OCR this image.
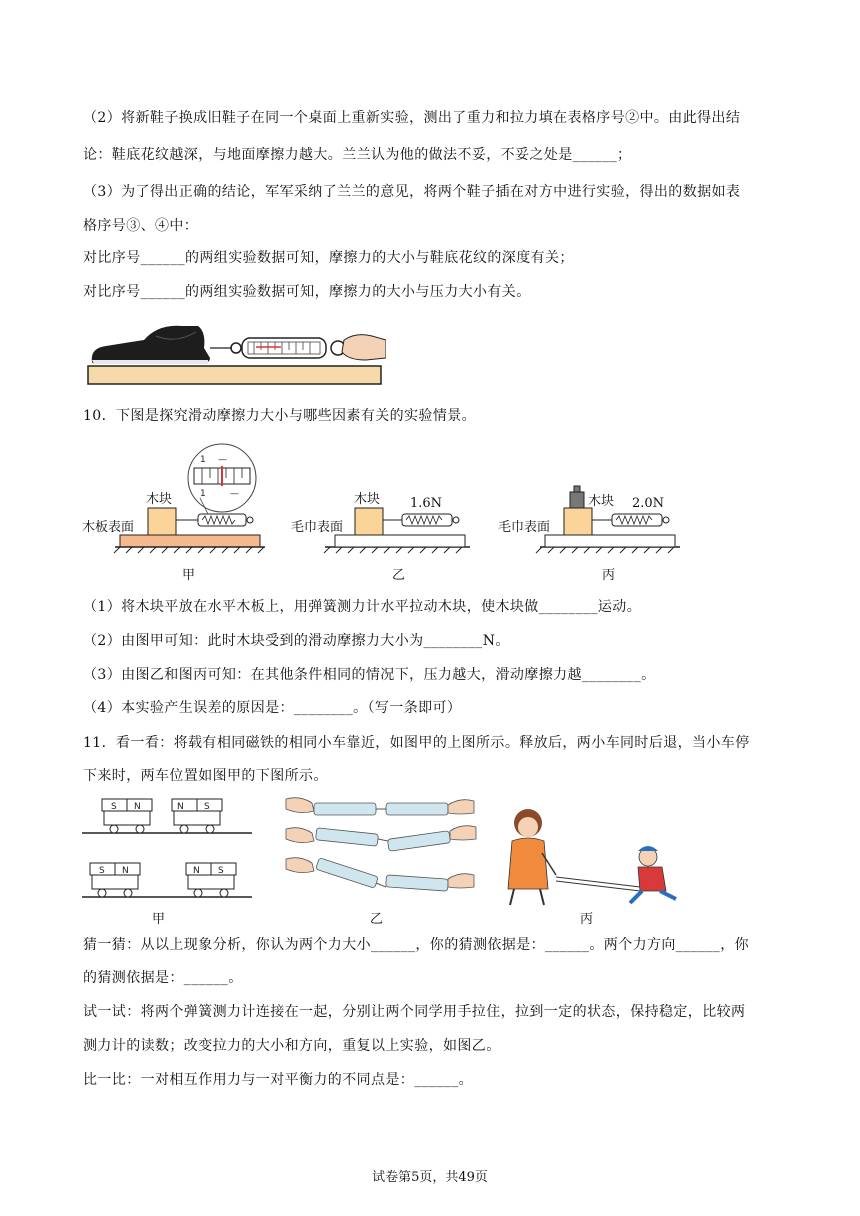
（2）将新鞋子换成旧鞋子在同一个桌面上重新实验，测出了重力和拉力填在表格序号②中。由此得出结
论：鞋底花纹越深，与地面摩擦力越大。兰兰认为他的做法不妥，不妥之处是______；
（3）为了得出正确的结论，军军采纳了兰兰的意见，将两个鞋子插在对方中进行实验，得出的数据如表
格序号③、④中：
对比序号______的两组实验数据可知，摩擦力的大小与鞋底花纹的深度有关；
对比序号______的两组实验数据可知，摩擦力的大小与压力大小有关。
10．下图是探究滑动摩擦力大小与哪些因素有关的实验情景。
1 —
1	—
木板表面
木块
毛巾表面
木块 1.6N
毛巾表面
木块 2.0N
甲	乙	丙
（1）将木块平放在水平木板上，用弹簧测力计水平拉动木块，使木块做________运动。
（2）由图甲可知：此时木块受到的滑动摩擦力大小为________N。
（3）由图乙和图丙可知：在其他条件相同的情况下，压力越大，滑动摩擦力越________。
（4）本实验产生误差的原因是：________。（写一条即可）
11．看一看：将载有相同磁铁的相同小车靠近，如图甲的上图所示。释放后，两小车同时后退，当小车停
下来时，两车位置如图甲的下图所示。
S N	N S
S N	N S
甲	乙	丙
猜一猜：从以上现象分析，你认为两个力大小______，你的猜测依据是：______。两个力方向______，你
的猜测依据是：______。
试一试：将两个弹簧测力计连接在一起，分别让两个同学用手拉住，拉到一定的状态，保持稳定，比较两
测力计的读数；改变拉力的大小和方向，重复以上实验，如图乙。
比一比：一对相互作用力与一对平衡力的不同点是：______。
试卷第5页，共49页
